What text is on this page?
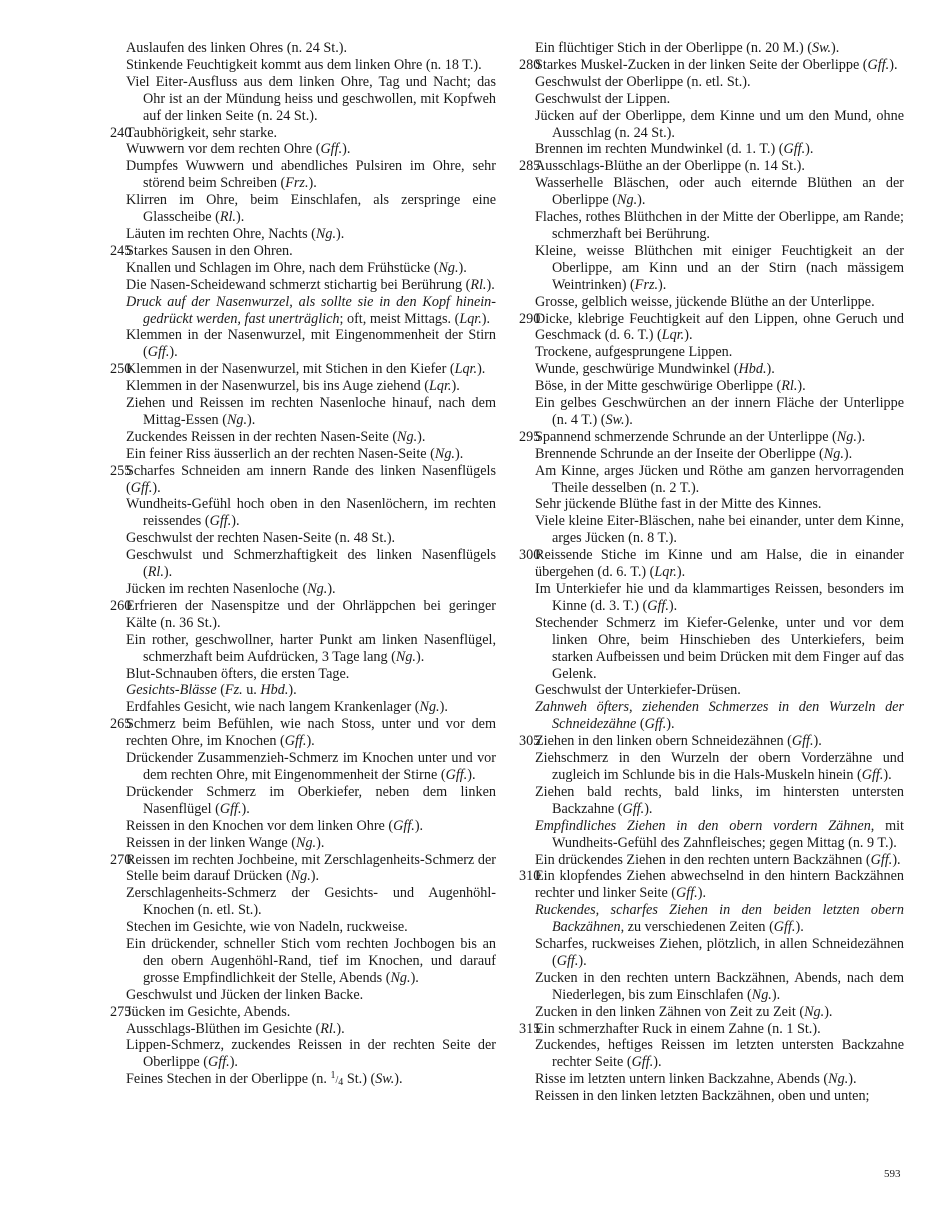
Auslaufen des linken Ohres (n. 24 St.).

Stinkende Feuchtigkeit kommt aus dem linken Ohre (n. 18 T.).

Viel Eiter-Ausfluss aus dem linken Ohre, Tag und Nacht; das Ohr ist an der Mündung heiss und geschwollen, mit Kopfweh auf der linken Seite (n. 24 St.).

240
Taubhörigkeit, sehr starke.

Wuwwern vor dem rechten Ohre (Gff.).

Dumpfes Wuwwern und abendliches Pulsiren im Ohre, sehr störend beim Schreiben (Frz.).

Klirren im Ohre, beim Einschlafen, als zerspringe eine Glasscheibe (Rl.).

Läuten im rechten Ohre, Nachts (Ng.).

245
Starkes Sausen in den Ohren.

Knallen und Schlagen im Ohre, nach dem Frühstücke (Ng.).

Die Nasen-Scheidewand schmerzt stichartig bei Berührung (Rl.).

Druck auf der Nasenwurzel, als sollte sie in den Kopf hinein-gedrückt werden, fast unerträglich; oft, meist Mittags. (Lqr.).

Klemmen in der Nasenwurzel, mit Eingenommenheit der Stirn (Gff.).

250
Klemmen in der Nasenwurzel, mit Stichen in den Kiefer (Lqr.).

Klemmen in der Nasenwurzel, bis ins Auge ziehend (Lqr.).

Ziehen und Reissen im rechten Nasenloche hinauf, nach dem Mittag-Essen (Ng.).

Zuckendes Reissen in der rechten Nasen-Seite (Ng.).

Ein feiner Riss äusserlich an der rechten Nasen-Seite (Ng.).

255
Scharfes Schneiden am innern Rande des linken Nasenflügels (Gff.).

Wundheits-Gefühl hoch oben in den Nasenlöchern, im rechten reissendes (Gff.).

Geschwulst der rechten Nasen-Seite (n. 48 St.).

Geschwulst und Schmerzhaftigkeit des linken Nasenflügels (Rl.).

Jücken im rechten Nasenloche (Ng.).

260
Erfrieren der Nasenspitze und der Ohrläppchen bei geringer Kälte (n. 36 St.).

Ein rother, geschwollner, harter Punkt am linken Nasenflügel, schmerzhaft beim Aufdrücken, 3 Tage lang (Ng.).

Blut-Schnauben öfters, die ersten Tage.

Gesichts-Blässe (Fz. u. Hbd.).

Erdfahles Gesicht, wie nach langem Krankenlager (Ng.).

265
Schmerz beim Befühlen, wie nach Stoss, unter und vor dem rechten Ohre, im Knochen (Gff.).

Drückender Zusammenzieh-Schmerz im Knochen unter und vor dem rechten Ohre, mit Eingenommenheit der Stirne (Gff.).

Drückender Schmerz im Oberkiefer, neben dem linken Nasenflügel (Gff.).

Reissen in den Knochen vor dem linken Ohre (Gff.).

Reissen in der linken Wange (Ng.).

270
Reissen im rechten Jochbeine, mit Zerschlagenheits-Schmerz der Stelle beim darauf Drücken (Ng.).

Zerschlagenheits-Schmerz der Gesichts- und Augenhöhl-Knochen (n. etl. St.).

Stechen im Gesichte, wie von Nadeln, ruckweise.

Ein drückender, schneller Stich vom rechten Jochbogen bis an den obern Augenhöhl-Rand, tief im Knochen, und darauf grosse Empfindlichkeit der Stelle, Abends (Ng.).

Geschwulst und Jücken der linken Backe.

275
Jücken im Gesichte, Abends.

Ausschlags-Blüthen im Gesichte (Rl.).

Lippen-Schmerz, zuckendes Reissen in der rechten Seite der Oberlippe (Gff.).

Feines Stechen in der Oberlippe (n. 1/4 St.) (Sw.).

Ein flüchtiger Stich in der Oberlippe (n. 20 M.) (Sw.).

280
Starkes Muskel-Zucken in der linken Seite der Oberlippe (Gff.).

Geschwulst der Oberlippe (n. etl. St.).

Geschwulst der Lippen.

Jücken auf der Oberlippe, dem Kinne und um den Mund, ohne Ausschlag (n. 24 St.).

Brennen im rechten Mundwinkel (d. 1. T.) (Gff.).

285
Ausschlags-Blüthe an der Oberlippe (n. 14 St.).

Wasserhelle Bläschen, oder auch eiternde Blüthen an der Oberlippe (Ng.).

Flaches, rothes Blüthchen in der Mitte der Oberlippe, am Rande; schmerzhaft bei Berührung.

Kleine, weisse Blüthchen mit einiger Feuchtigkeit an der Oberlippe, am Kinn und an der Stirn (nach mässigem Weintrinken) (Frz.).

Grosse, gelblich weisse, jückende Blüthe an der Unterlippe.

290
Dicke, klebrige Feuchtigkeit auf den Lippen, ohne Geruch und Geschmack (d. 6. T.) (Lqr.).

Trockene, aufgesprungene Lippen.

Wunde, geschwürige Mundwinkel (Hbd.).

Böse, in der Mitte geschwürige Oberlippe (Rl.).

Ein gelbes Geschwürchen an der innern Fläche der Unterlippe (n. 4 T.) (Sw.).

295
Spannend schmerzende Schrunde an der Unterlippe (Ng.).

Brennende Schrunde an der Inseite der Oberlippe (Ng.).

Am Kinne, arges Jücken und Röthe am ganzen hervorragenden Theile desselben (n. 2 T.).

Sehr jückende Blüthe fast in der Mitte des Kinnes.

Viele kleine Eiter-Bläschen, nahe bei einander, unter dem Kinne, arges Jücken (n. 8 T.).

300
Reissende Stiche im Kinne und am Halse, die in einander übergehen (d. 6. T.) (Lqr.).

Im Unterkiefer hie und da klammartiges Reissen, besonders im Kinne (d. 3. T.) (Gff.).

Stechender Schmerz im Kiefer-Gelenke, unter und vor dem linken Ohre, beim Hinschieben des Unterkiefers, beim starken Aufbeissen und beim Drücken mit dem Finger auf das Gelenk.

Geschwulst der Unterkiefer-Drüsen.

Zahnweh öfters, ziehenden Schmerzes in den Wurzeln der Schneidezähne (Gff.).

305
Ziehen in den linken obern Schneidezähnen (Gff.).

Ziehschmerz in den Wurzeln der obern Vorderzähne und zugleich im Schlunde bis in die Hals-Muskeln hinein (Gff.).

Ziehen bald rechts, bald links, im hintersten untersten Backzahne (Gff.).

Empfindliches Ziehen in den obern vordern Zähnen, mit Wundheits-Gefühl des Zahnfleisches; gegen Mittag (n. 9 T.).

Ein drückendes Ziehen in den rechten untern Backzähnen (Gff.).

310
Ein klopfendes Ziehen abwechselnd in den hintern Backzähnen rechter und linker Seite (Gff.).

Ruckendes, scharfes Ziehen in den beiden letzten obern Backzähnen, zu verschiedenen Zeiten (Gff.).

Scharfes, ruckweises Ziehen, plötzlich, in allen Schneidezähnen (Gff.).

Zucken in den rechten untern Backzähnen, Abends, nach dem Niederlegen, bis zum Einschlafen (Ng.).

Zucken in den linken Zähnen von Zeit zu Zeit (Ng.).

315
Ein schmerzhafter Ruck in einem Zahne (n. 1 St.).

Zuckendes, heftiges Reissen im letzten untersten Backzahne rechter Seite (Gff.).

Risse im letzten untern linken Backzahne, Abends (Ng.).

Reissen in den linken letzten Backzähnen, oben und unten;

593
